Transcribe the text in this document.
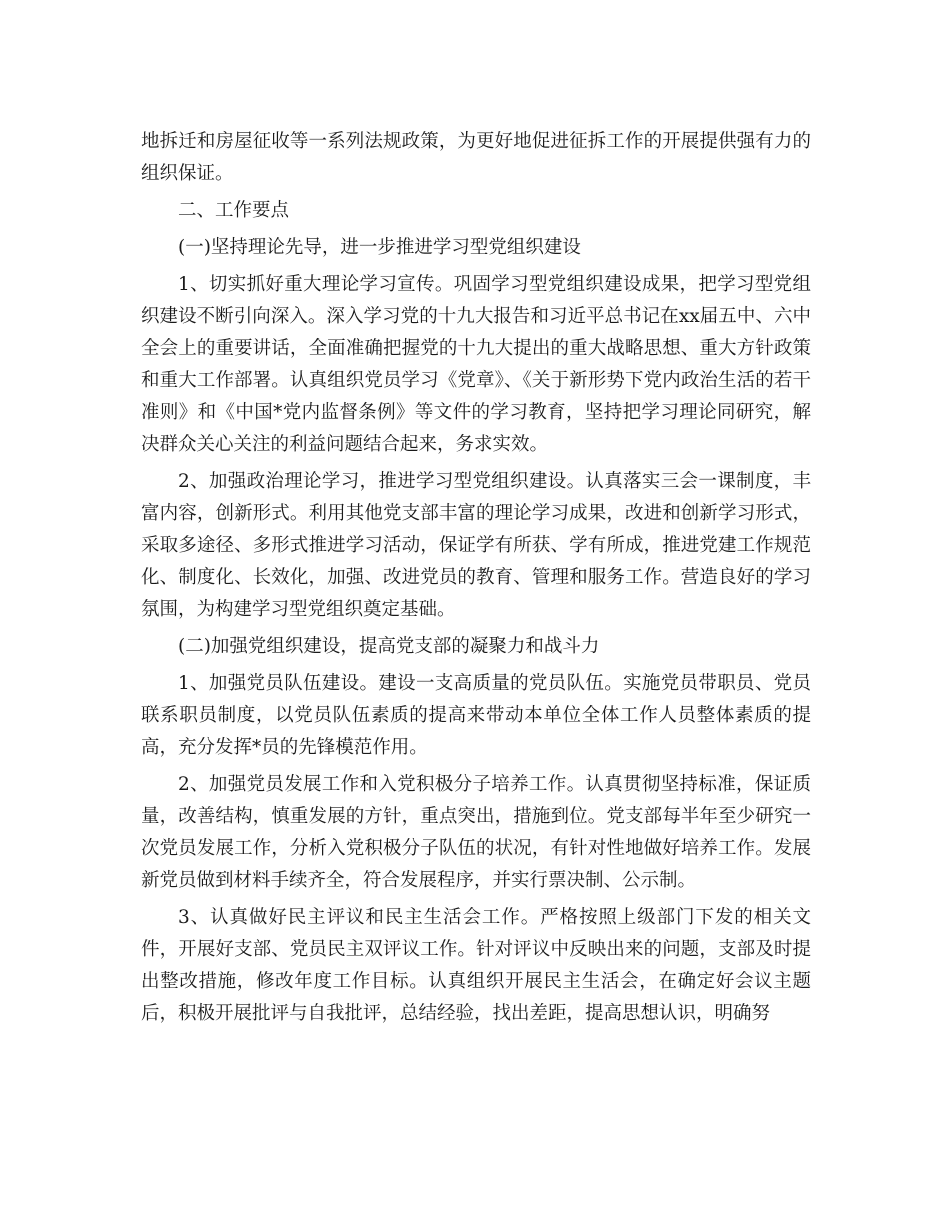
地拆迁和房屋征收等一系列法规政策，为更好地促进征拆工作的开展提供强有力的组织保证。

二、工作要点

(一)坚持理论先导，进一步推进学习型党组织建设

1、切实抓好重大理论学习宣传。巩固学习型党组织建设成果，把学习型党组织建设不断引向深入。深入学习党的十九大报告和习近平总书记在xx届五中、六中全会上的重要讲话，全面准确把握党的十九大提出的重大战略思想、重大方针政策和重大工作部署。认真组织党员学习《党章》、《关于新形势下党内政治生活的若干准则》和《中国*党内监督条例》等文件的学习教育，坚持把学习理论同研究，解决群众关心关注的利益问题结合起来，务求实效。

2、加强政治理论学习，推进学习型党组织建设。认真落实三会一课制度，丰富内容，创新形式。利用其他党支部丰富的理论学习成果，改进和创新学习形式，采取多途径、多形式推进学习活动，保证学有所获、学有所成，推进党建工作规范化、制度化、长效化，加强、改进党员的教育、管理和服务工作。营造良好的学习氛围，为构建学习型党组织奠定基础。

(二)加强党组织建设，提高党支部的凝聚力和战斗力

1、加强党员队伍建设。建设一支高质量的党员队伍。实施党员带职员、党员联系职员制度，以党员队伍素质的提高来带动本单位全体工作人员整体素质的提高，充分发挥*员的先锋模范作用。

2、加强党员发展工作和入党积极分子培养工作。认真贯彻坚持标准，保证质量，改善结构，慎重发展的方针，重点突出，措施到位。党支部每半年至少研究一次党员发展工作，分析入党积极分子队伍的状况，有针对性地做好培养工作。发展新党员做到材料手续齐全，符合发展程序，并实行票决制、公示制。

3、认真做好民主评议和民主生活会工作。严格按照上级部门下发的相关文件，开展好支部、党员民主双评议工作。针对评议中反映出来的问题，支部及时提出整改措施，修改年度工作目标。认真组织开展民主生活会，在确定好会议主题后，积极开展批评与自我批评，总结经验，找出差距，提高思想认识，明确努
